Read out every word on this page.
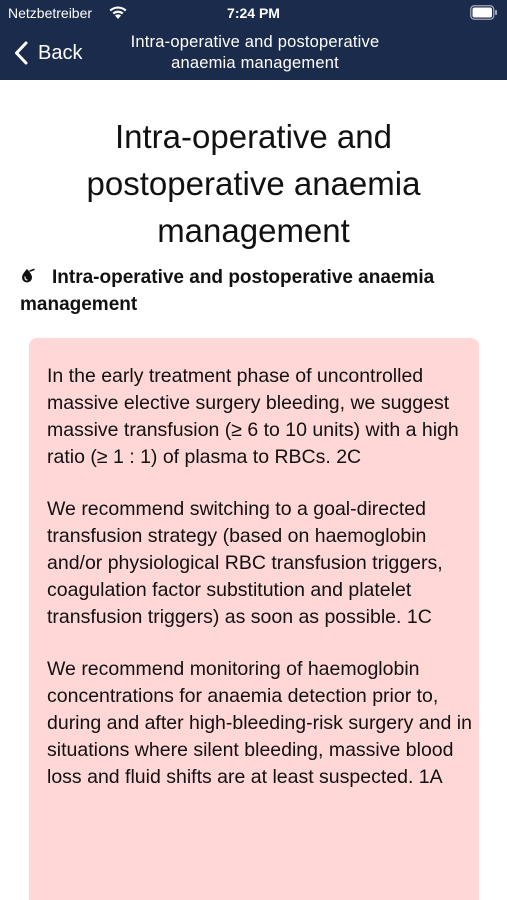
Netzbetreiber	7:24 PM
Back	Intra-operative and postoperative anaemia management
Intra-operative and postoperative anaemia management

Intra-operative and postoperative anaemia management

In the early treatment phase of uncontrolled massive elective surgery bleeding, we suggest massive transfusion (≥ 6 to 10 units) with a high ratio (≥ 1 : 1) of plasma to RBCs. 2C

We recommend switching to a goal-directed transfusion strategy (based on haemoglobin and/or physiological RBC transfusion triggers, coagulation factor substitution and platelet transfusion triggers) as soon as possible. 1C

We recommend monitoring of haemoglobin concentrations for anaemia detection prior to, during and after high-bleeding-risk surgery and in situations where silent bleeding, massive blood loss and fluid shifts are at least suspected. 1A
